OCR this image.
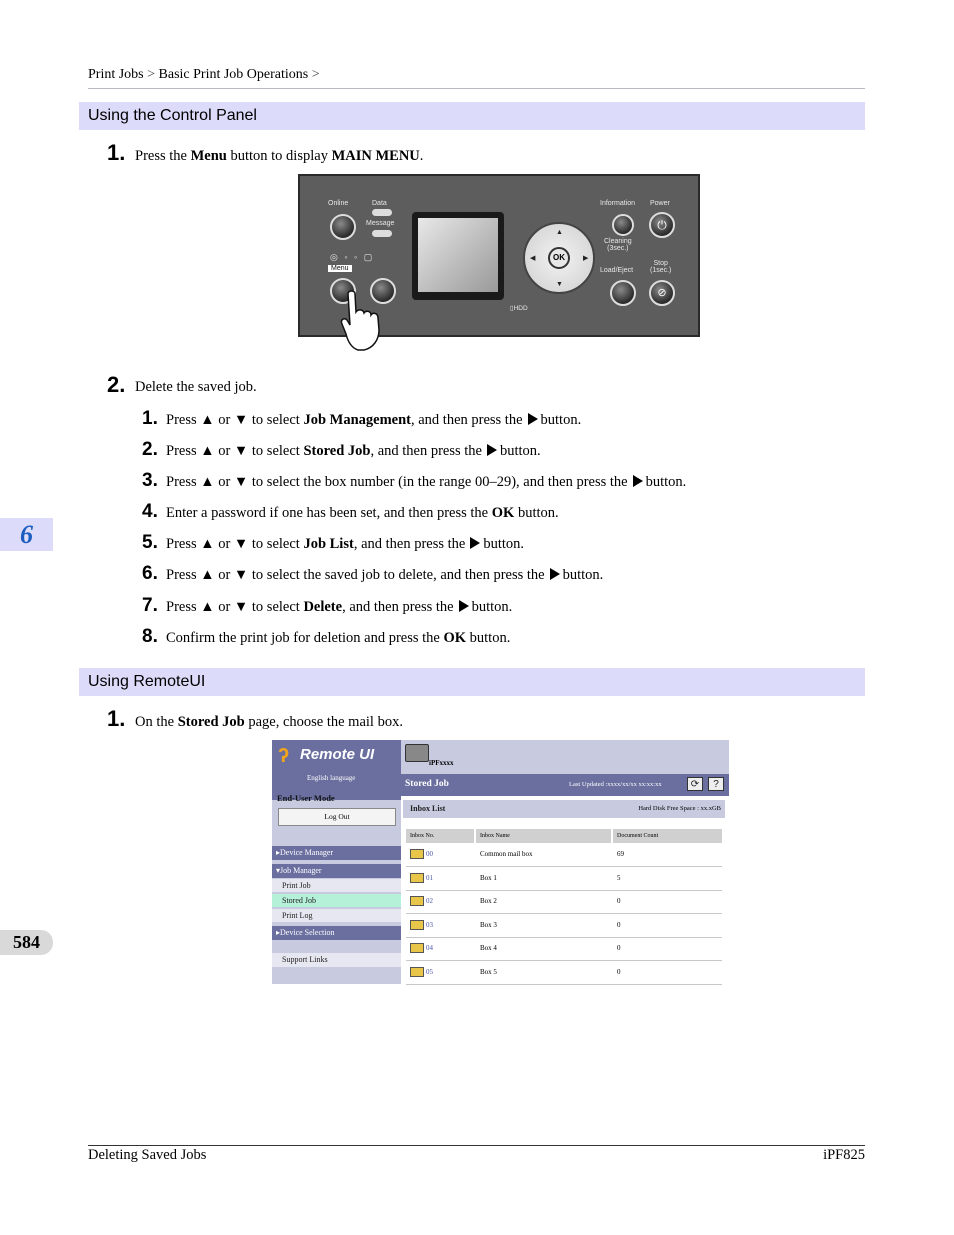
Print Jobs > Basic Print Job Operations >
Using the Control Panel
1. Press the Menu button to display MAIN MENU.
Online	Data
Message
◎ ◦ ◦ ▢
Menu
▯HDD
▲
▼
◀	▶
OK
Information Power
⏻
Cleaning
(3sec.)
Load/Eject
Stop
(1sec.)
⊘
2. Delete the saved job.
1. Press ▲ or ▼ to select Job Management, and then press the button.
2. Press ▲ or ▼ to select Stored Job, and then press the button.
3. Press ▲ or ▼ to select the box number (in the range 00–29), and then press the button.
4. Enter a password if one has been set, and then press the OK button.
5. Press ▲ or ▼ to select Job List, and then press the button.
6. Press ▲ or ▼ to select the saved job to delete, and then press the button.
7. Press ▲ or ▼ to select Delete, and then press the button.
8. Confirm the print job for deletion and press the OK button.
Using RemoteUI
1. On the Stored Job page, choose the mail box.
ʔ Remote UI
English language
End-User Mode
Log Out
▸Device Manager
▾Job Manager
Print Job
Stored Job
Print Log
▸Device Selection
Support Links
iPFxxxx
Stored Job	Last Updated :xxxx/xx/xx xx:xx:xx	⟳	?
Inbox List	Hard Disk Free Space : xx.xGB
Inbox No.	Inbox Name	Document Count
00	Common mail box	69
01	Box 1	5
02	Box 2	0
03	Box 3	0
04	Box 4	0
05	Box 5	0
6
584
Deleting Saved Jobs	iPF825
